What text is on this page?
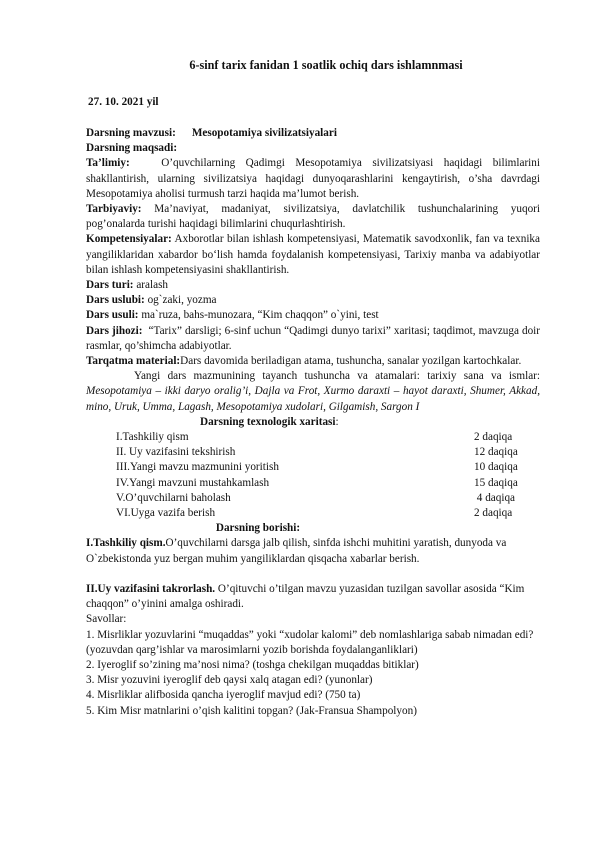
6-sinf tarix fanidan 1 soatlik ochiq dars ishlamnmasi
27. 10. 2021 yil

Darsning mavzusi: Mesopotamiya sivilizatsiyalari

Darsning maqsadi:

Ta’limiy:	O’quvchilarning Qadimgi Mesopotamiya sivilizatsiyasi haqidagi bilimlarini shakllantirish, ularning sivilizatsiya haqidagi dunyoqarashlarini kengaytirish, o’sha davrdagi Mesopotamiya aholisi turmush tarzi haqida ma’lumot berish.

Tarbiyaviy: Ma’naviyat, madaniyat, sivilizatsiya, davlatchilik tushunchalarining yuqori pog’onalarda turishi haqidagi bilimlarini chuqurlashtirish.

Kompetensiyalar: Axborotlar bilan ishlash kompetensiyasi, Matematik savodxonlik, fan va texnika yangiliklaridan xabardor bo‘lish hamda foydalanish kompetensiyasi, Tarixiy manba va adabiyotlar bilan ishlash kompetensiyasini shakllantirish.

Dars turi: aralash

Dars uslubi: og`zaki, yozma

Dars usuli: ma`ruza, bahs-munozara, “Kim chaqqon” o`yini, test

Dars jihozi: “Tarix” darsligi; 6-sinf uchun “Qadimgi dunyo tarixi” xaritasi; taqdimot, mavzuga doir rasmlar, qo’shimcha adabiyotlar.

Tarqatma material:Dars davomida beriladigan atama, tushuncha, sanalar yozilgan kartochkalar.

Yangi dars mazmunining tayanch tushuncha va atamalari: tarixiy sana va ismlar: Mesopotamiya – ikki daryo oralig’i, Dajla va Frot, Xurmo daraxti – hayot daraxti, Shumer, Akkad, mino, Uruk, Umma, Lagash, Mesopotamiya xudolari, Gilgamish, Sargon I

Darsning texnologik xaritasi:
I.Tashkiliy qism	2 daqiqa
II. Uy vazifasini tekshirish	12 daqiqa
III.Yangi mavzu mazmunini yoritish	10 daqiqa
IV.Yangi mavzuni mustahkamlash	15 daqiqa
V.O’quvchilarni baholash	4 daqiqa
VI.Uyga vazifa berish	2 daqiqa
Darsning borishi:

I.Tashkiliy qism.O’quvchilarni darsga jalb qilish, sinfda ishchi muhitini yaratish, dunyoda va O`zbekistonda yuz bergan muhim yangiliklardan qisqacha xabarlar berish.

II.Uy vazifasini takrorlash. O’qituvchi o’tilgan mavzu yuzasidan tuzilgan savollar asosida “Kim chaqqon” o’yinini amalga oshiradi.

Savollar:

1. Misrliklar yozuvlarini “muqaddas” yoki “xudolar kalomi” deb nomlashlariga sabab nimadan edi? (yozuvdan qarg’ishlar va marosimlarni yozib borishda foydalanganliklari)

2. Iyeroglif so’zining ma’nosi nima? (toshga chekilgan muqaddas bitiklar)

3. Misr yozuvini iyeroglif deb qaysi xalq atagan edi? (yunonlar)

4. Misrliklar alifbosida qancha iyeroglif mavjud edi? (750 ta)

5. Kim Misr matnlarini o’qish kalitini topgan? (Jak-Fransua Shampolyon)
